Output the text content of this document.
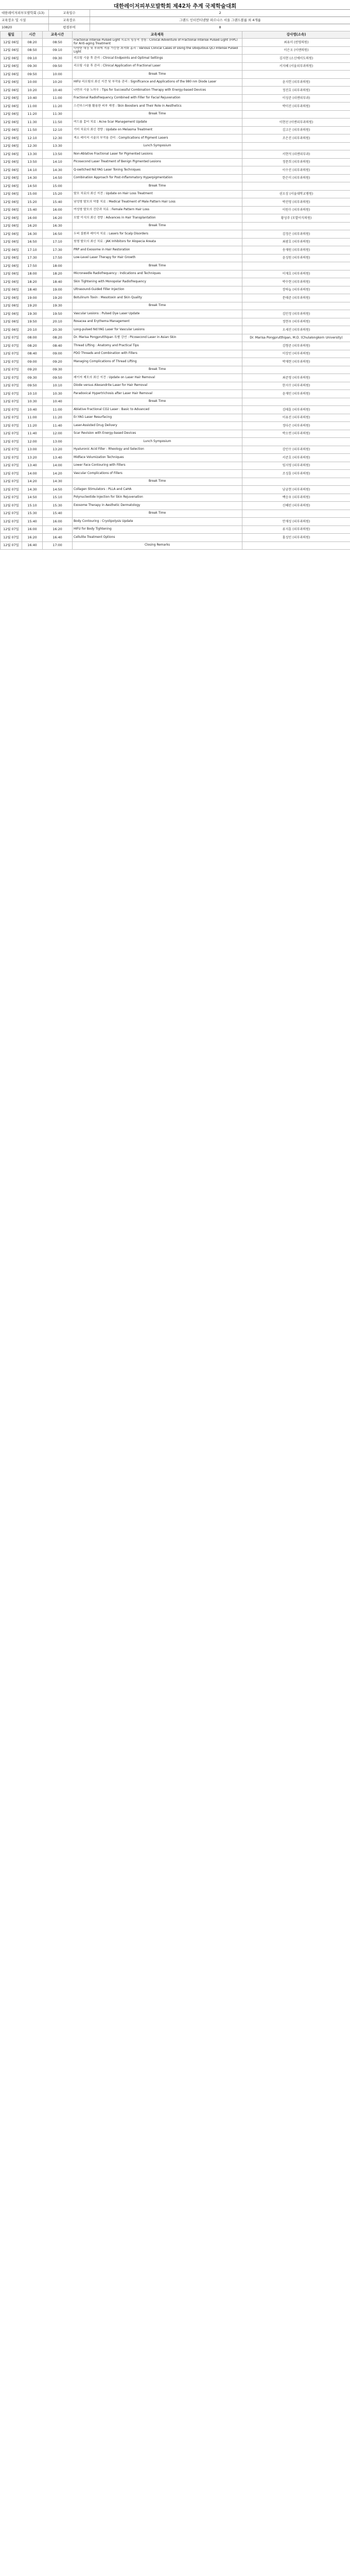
대한레이저피부모발학회 제42차 추계 국제학술대회
대한레이저피부모발학회 (13)	교육일수	2
교육장소 및 시설	교육장소	그랜드 인터컨티넨탈 파르나스 서울 그랜드볼룸 외 4개룸
10820	평점부여	8
월일	시간	교육시간	교육제목	강사명(소속)
12월 06일	08:20	08:50	Fractional Intense Pulsed Light 치료의 임상적 경험 : Clinical Adventure of Fractional Intense Pulsed Light (FIPL) for Anti-aging Treatment	최유미 (윈영의원)
12월 06일	08:50	09:10	다양한 대상 및 부위에 적용 가능한 최적화 홈리 : Various Clinical Cases of Using the Ubiquitous QCI Intense Pulsed Light	이은오 (이앤의원)
12월 06일	09:10	09:30	리프팅 시술 후 관리 : Clinical Endpoints and Optimal Settings	김지현 (소신에이도의원)
12월 06일	09:30	09:50	리프팅 시술 후 관리 : Clinical Application of Fractional Laser	서지혜 (서울피부과의원)
12월 06일	09:50	10:00	Break Time	
12월 06일	10:00	10:20	HIFU 리프팅의 최신 지견 및 부작용 관리 : Significance and Applications of the 980 nm Diode Laser	윤지헌 (피부과의원)
12월 06일	10:20	10:40	나만의 시술 노하우 : Tips for Successful Combination Therapy with Energy-based Devices	정진호 (피부과의원)
12월 06일	10:40	11:00	Fractional Radiofrequency Combined with Filler for Facial Rejuvenation	이성준 (리앤피부과)
12월 06일	11:00	11:20	스킨부스터를 활용한 피부 재생 : Skin Boosters and Their Role in Aesthetics	박미진 (피부과의원)
12월 06일	11:20	11:30	Break Time	
12월 06일	11:30	11:50	여드름 흉터 치료 : Acne Scar Management Update	이현선 (이앤피부과의원)
12월 06일	11:50	12:10	기미 치료의 최신 경향 : Update on Melasma Treatment	김고은 (피부과의원)
12월 06일	12:10	12:30	색소 레이저 시술의 부작용 관리 : Complications of Pigment Lasers	조은진 (피부과의원)
12월 06일	12:30	13:30	Lunch Symposium	
12월 06일	13:30	13:50	Non-Ablative Fractional Laser for Pigmented Lesions	서현석 (리앤피부과)
12월 06일	13:50	14:10	Picosecond Laser Treatment of Benign Pigmented Lesions	정문희 (피부과의원)
12월 06일	14:10	14:30	Q-switched Nd:YAG Laser Toning Techniques	이수진 (피부과의원)
12월 06일	14:30	14:50	Combination Approach for Post-Inflammatory Hyperpigmentation	한은미 (피부과의원)
12월 06일	14:50	15:00	Break Time	
12월 06일	15:00	15:20	탈모 치료의 최신 지견 : Update on Hair Loss Treatment	권오상 (서울대학교병원)
12월 06일	15:20	15:40	남성형 탈모의 약물 치료 : Medical Treatment of Male Pattern Hair Loss	박진영 (피부과의원)
12월 06일	15:40	16:00	여성형 탈모의 진단과 치료 : Female Pattern Hair Loss	이원수 (피부과의원)
12월 06일	16:00	16:20	모발 이식의 최신 경향 : Advances in Hair Transplantation	황성주 (모발이식의원)
12월 06일	16:20	16:30	Break Time	
12월 06일	16:30	16:50	두피 질환과 레이저 치료 : Lasers for Scalp Disorders	김정은 (피부과의원)
12월 06일	16:50	17:10	원형 탈모의 최신 치료 : JAK Inhibitors for Alopecia Areata	최광호 (피부과의원)
12월 06일	17:10	17:30	PRP and Exosome in Hair Restoration	송재원 (피부과의원)
12월 06일	17:30	17:50	Low-Level Laser Therapy for Hair Growth	윤성원 (피부과의원)
12월 06일	17:50	18:00	Break Time	
12월 06일	18:00	18:20	Microneedle Radiofrequency : Indications and Techniques	이재호 (피부과의원)
12월 06일	18:20	18:40	Skin Tightening with Monopolar Radiofrequency	박수현 (피부과의원)
12월 06일	18:40	19:00	Ultrasound-Guided Filler Injection	장하늘 (피부과의원)
12월 06일	19:00	19:20	Botulinum Toxin : Mesotoxin and Skin Quality	문태준 (피부과의원)
12월 06일	19:20	19:30	Break Time	
12월 06일	19:30	19:50	Vascular Lesions : Pulsed Dye Laser Update	김민정 (피부과의원)
12월 06일	19:50	20:10	Rosacea and Erythema Management	정현우 (피부과의원)
12월 06일	20:10	20:30	Long-pulsed Nd:YAG Laser for Vascular Lesions	오세진 (피부과의원)
12월 07일	08:00	08:20	Dr. Marisa Pongprutthipan 특별 강연 : Picosecond Laser in Asian Skin	Dr. Marisa Pongprutthipan, M.D. (Chulalongkorn University)
12월 07일	08:20	08:40	Thread Lifting : Anatomy and Practical Tips	김형준 (피부과의원)
12월 07일	08:40	09:00	PDO Threads and Combination with Fillers	이상민 (피부과의원)
12월 07일	09:00	09:20	Managing Complications of Thread Lifting	박재현 (피부과의원)
12월 07일	09:20	09:30	Break Time	
12월 07일	09:30	09:50	레이저 제모의 최신 지견 : Update on Laser Hair Removal	최준영 (피부과의원)
12월 07일	09:50	10:10	Diode versus Alexandrite Laser for Hair Removal	한지수 (피부과의원)
12월 07일	10:10	10:30	Paradoxical Hypertrichosis after Laser Hair Removal	윤재민 (피부과의원)
12월 07일	10:30	10:40	Break Time	
12월 07일	10:40	11:00	Ablative Fractional CO2 Laser : Basic to Advanced	김태훈 (피부과의원)
12월 07일	11:00	11:20	Er:YAG Laser Resurfacing	이유진 (피부과의원)
12월 07일	11:20	11:40	Laser-Assisted Drug Delivery	정다은 (피부과의원)
12월 07일	11:40	12:00	Scar Revision with Energy-based Devices	박소연 (피부과의원)
12월 07일	12:00	13:00	Lunch Symposium	
12월 07일	13:00	13:20	Hyaluronic Acid Filler : Rheology and Selection	강민수 (피부과의원)
12월 07일	13:20	13:40	Midface Volumization Techniques	서준호 (피부과의원)
12월 07일	13:40	14:00	Lower Face Contouring with Fillers	임지영 (피부과의원)
12월 07일	14:00	14:20	Vascular Complications of Fillers	조성훈 (피부과의원)
12월 07일	14:20	14:30	Break Time	
12월 07일	14:30	14:50	Collagen Stimulators : PLLA and CaHA	남궁현 (피부과의원)
12월 07일	14:50	15:10	Polynucleotide Injection for Skin Rejuvenation	백승우 (피부과의원)
12월 07일	15:10	15:30	Exosome Therapy in Aesthetic Dermatology	신혜린 (피부과의원)
12월 07일	15:30	15:40	Break Time	
12월 07일	15:40	16:00	Body Contouring : Cryolipolysis Update	안재성 (피부과의원)
12월 07일	16:00	16:20	HIFU for Body Tightening	류지훈 (피부과의원)
12월 07일	16:20	16:40	Cellulite Treatment Options	홍성민 (피부과의원)
12월 07일	16:40	17:00	Closing Remarks	
